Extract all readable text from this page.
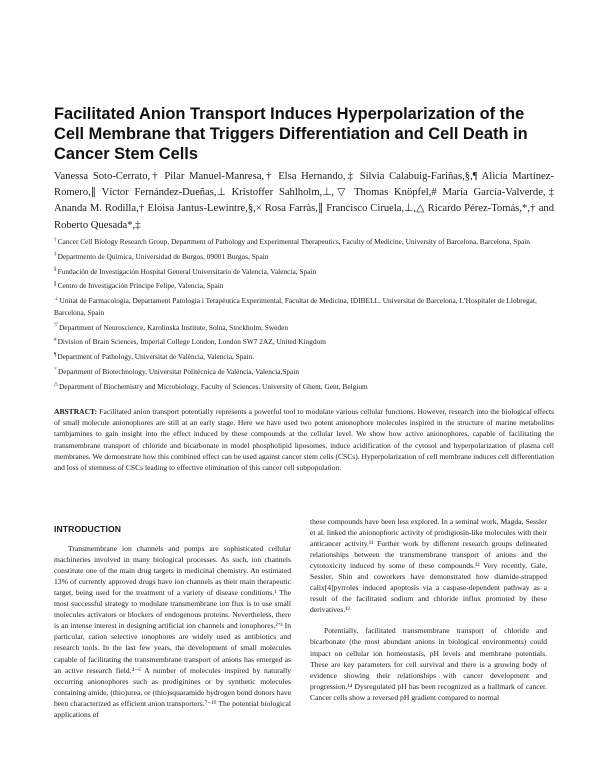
Facilitated Anion Transport Induces Hyperpolarization of the Cell Membrane that Triggers Differentiation and Cell Death in Cancer Stem Cells
Vanessa Soto-Cerrato,† Pilar Manuel-Manresa,† Elsa Hernando,‡ Silvia Calabuig-Fariñas,§,¶ Alicia Martínez-Romero,∥ Víctor Fernández-Dueñas,⊥ Kristoffer Sahlholm,⊥,▽ Thomas Knöpfel,# María García-Valverde,‡ Ananda M. Rodilla,† Eloisa Jantus-Lewintre,§,× Rosa Farràs,∥ Francisco Ciruela,⊥,△ Ricardo Pérez-Tomás,*,† and Roberto Quesada*,‡

†Cancer Cell Biology Research Group, Department of Pathology and Experimental Therapeutics, Faculty of Medicine, University of Barcelona, Barcelona, Spain

‡Departmento de Química, Universidad de Burgos, 09001 Burgos, Spain

§Fundación de Investigación Hospital General Universitario de Valencia, Valencia, Spain

∥Centro de Investigación Príncipe Felipe, Valencia, Spain

⊥Unitat de Farmacologia, Departament Patologia i Terapèutica Experimental, Facultat de Medicina, IDIBELL. Universitat de Barcelona, L’Hospitalet de Llobregat, Barcelona, Spain

▽Department of Neuroscience, Karolinska Institute, Solna, Stockholm, Sweden

#Division of Brain Sciences, Imperial College London, London SW7 2AZ, United Kingdom

¶Department of Pathology, Universitat de València, Valencia, Spain.

×Department of Biotechnology, Universitat Politècnica de València, Valencia,Spain

△Department of Biochemistry and Microbiology, Faculty of Sciences, University of Ghent, Gent, Belgium

ABSTRACT: Facilitated anion transport potentially represents a powerful tool to modulate various cellular functions. However, research into the biological effects of small molecule anionophores are still at an early stage. Here we have used two potent anionophore molecules inspired in the structure of marine metabolites tambjamines to gain insight into the effect induced by these compounds at the cellular level. We show how active anionophores, capable of facilitating the transmembrane transport of chloride and bicarbonate in model phospholipid liposomes, induce acidification of the cytosol and hyperpolarization of plasma cell membranes. We demonstrate how this combined effect can be used against cancer stem cells (CSCs). Hyperpolarization of cell membrane induces cell differentiation and loss of stemness of CSCs leading to effective elimination of this cancer cell subpopulation.
INTRODUCTION

Transmembrane ion channels and pumps are sophisticated cellular machineries involved in many biological processes. As such, ion channels constitute one of the main drug targets in medicinal chemistry. An estimated 13% of currently approved drugs have ion channels as their main therapeutic target, being used for the treatment of a variety of disease conditions.¹ The most successful strategy to modulate transmembrane ion flux is to use small molecules activators or blockers of endogenous proteins. Nevertheless, there is an intense interest in designing artificial ion channels and ionophores.²ʼ³ In particular, cation selective ionophores are widely used as antibiotics and research tools. In the last few years, the development of small molecules capable of facilitating the transmembrane transport of anions has emerged as an active research field.⁴⁻⁶ A number of molecules inspired by naturally occurring anionophores such as prodiginines or by synthetic molecules containing amide, (thio)urea, or (thio)squaramide hydrogen bond donors have been characterized as efficient anion transporters.⁷⁻¹⁰ The potential biological applications of

these compounds have been less explored. In a seminal work, Magda, Sessler et al. linked the anionophoric activity of prodigiosin-like molecules with their anticancer activity.¹¹ Further work by different research groups delineated relationships between the transmembrane transport of anions and the cytotoxicity induced by some of these compounds.¹² Very recently, Gale, Sessler, Shin and coworkers have demonstrated how diamide-strapped calix[4]pyrroles induced apoptosis via a caspase-dependent pathway as a result of the facilitated sodium and chloride influx promoted by these derivatives.¹³

Potentially, facilitated transmembrane transport of chloride and bicarbonate (the most abundant anions in biological environments) could impact on cellular ion homeostasis, pH levels and membrane potentials. These are key parameters for cell survival and there is a growing body of evidence showing their relationships with cancer development and progression.¹⁴ Dysregulated pH has been recognized as a hallmark of cancer. Cancer cells show a reversed pH gradient compared to normal
